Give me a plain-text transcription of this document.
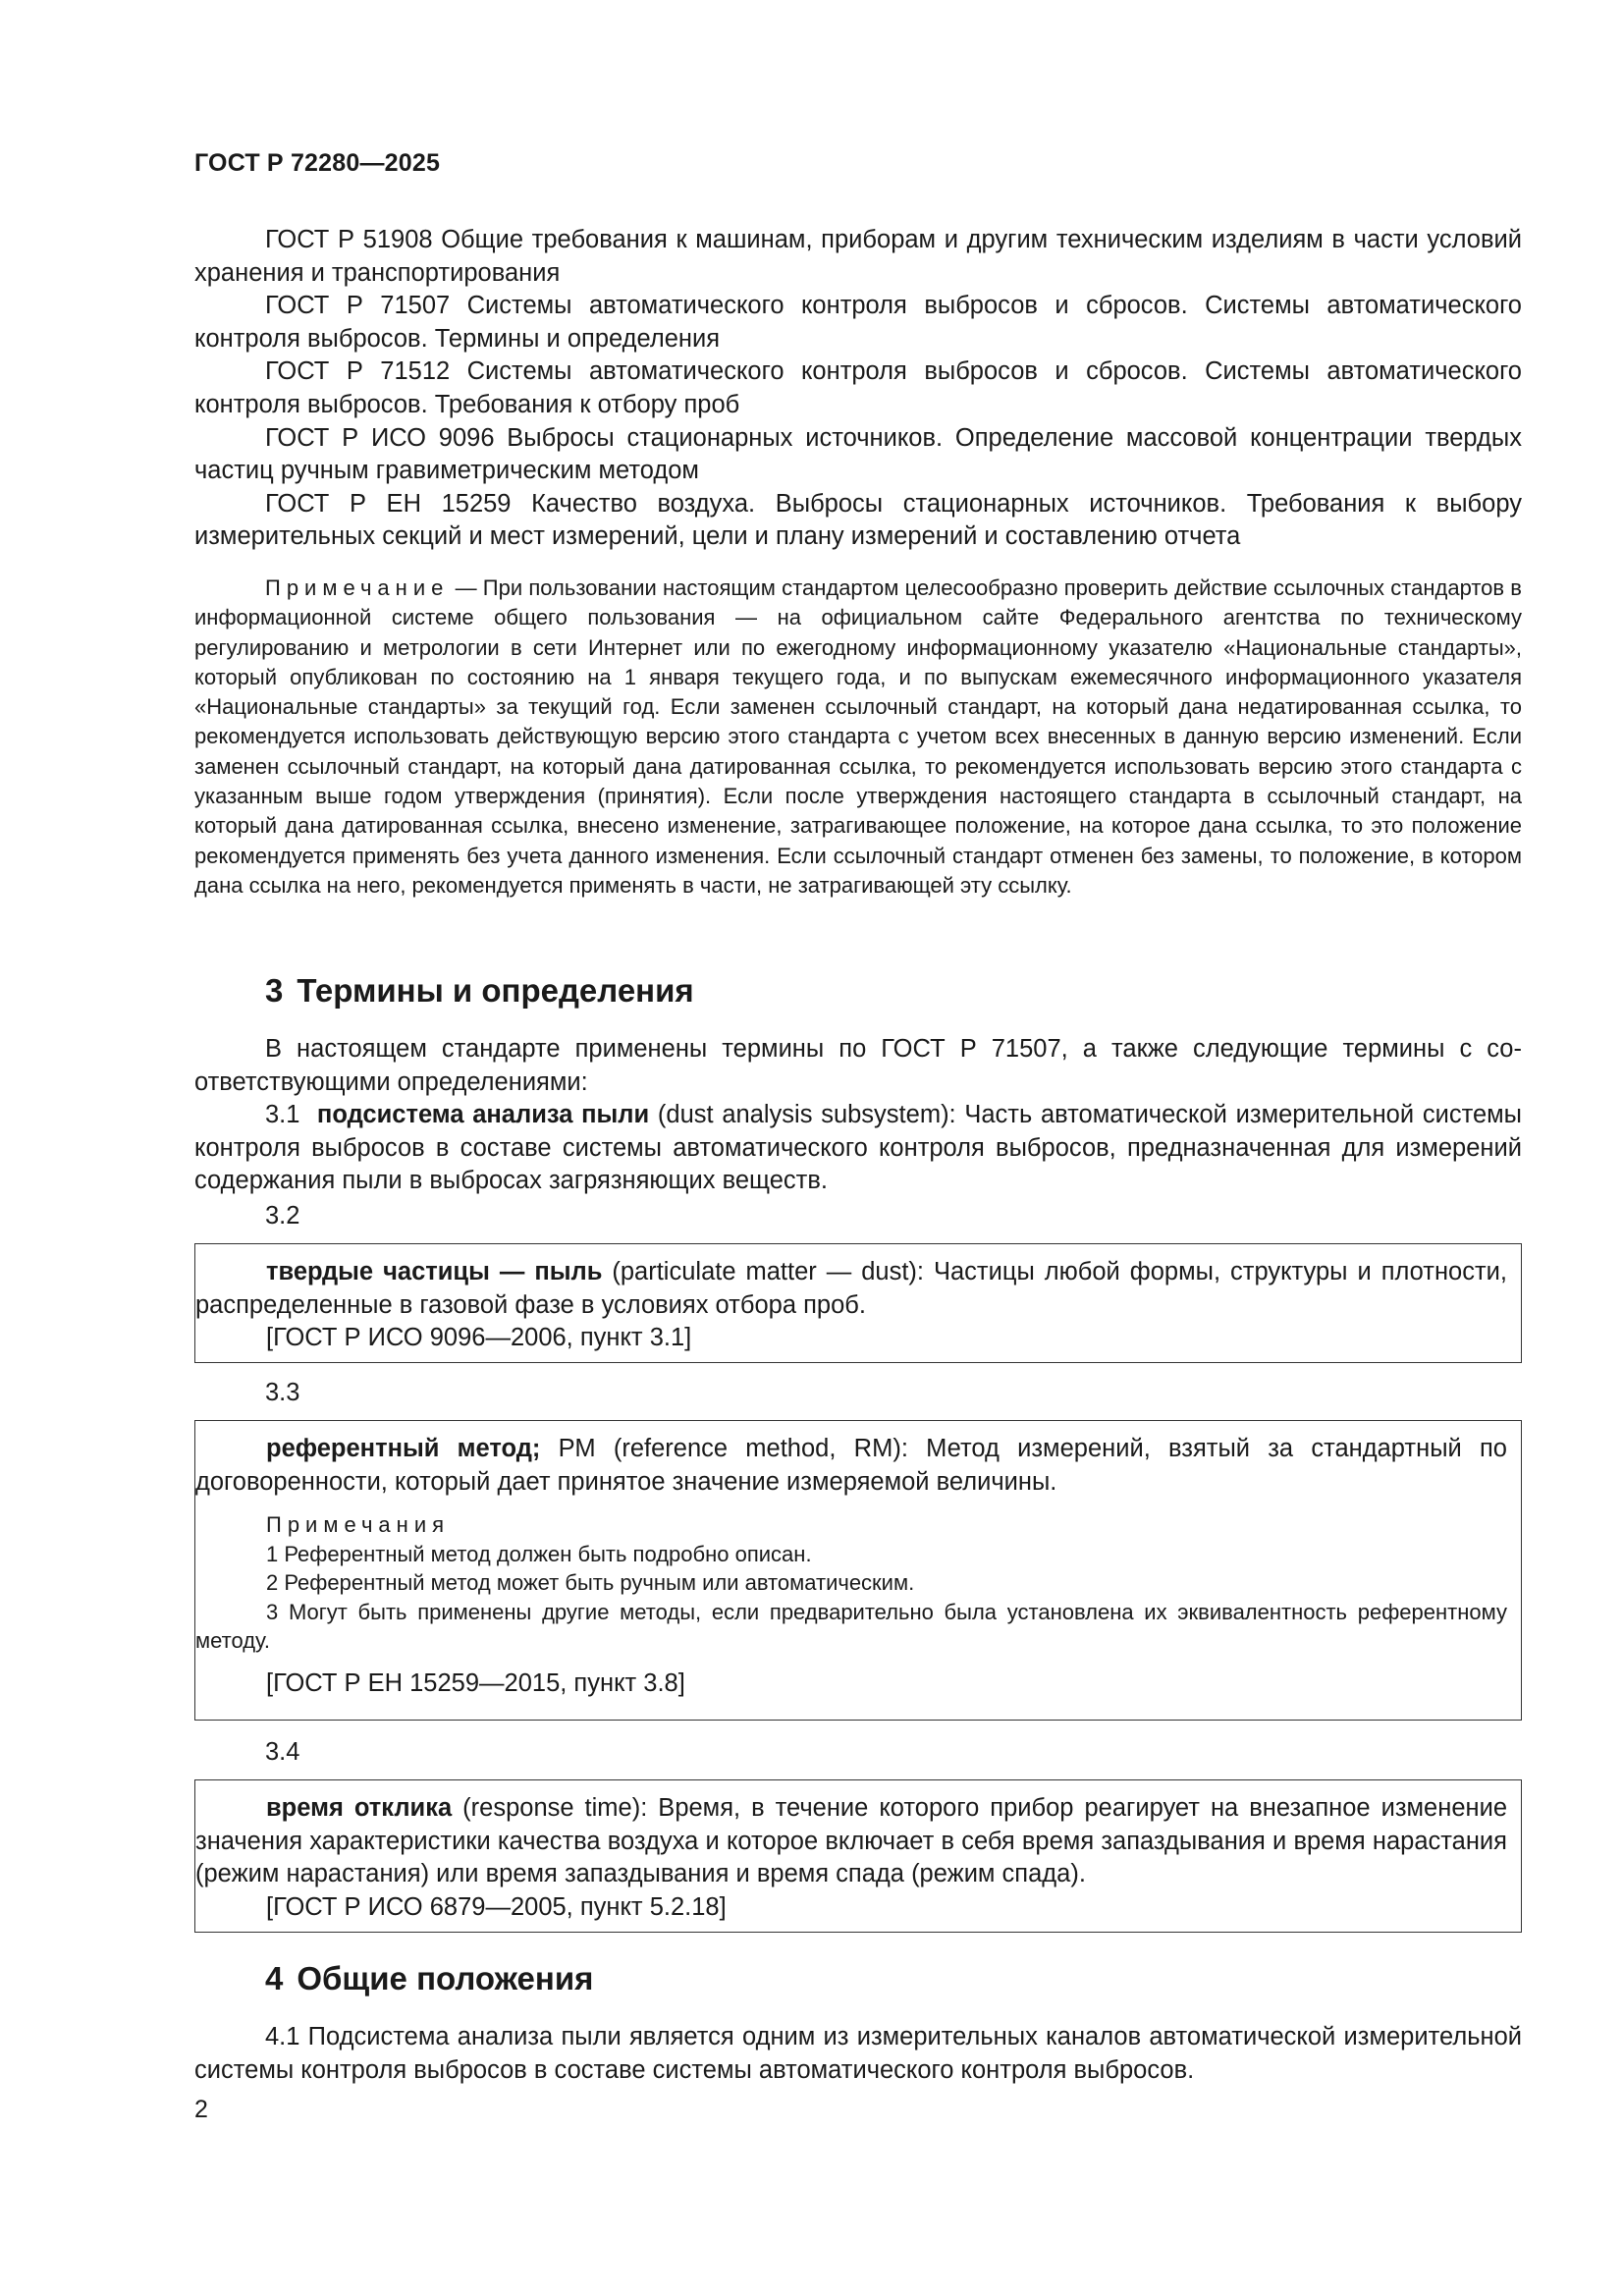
ГОСТ Р 72280—2025

ГОСТ Р 51908 Общие требования к машинам, приборам и другим техническим изделиям в части условий хранения и транспортирования

ГОСТ Р 71507 Системы автоматического контроля выбросов и сбросов. Системы автоматического контроля выбросов. Термины и определения

ГОСТ Р 71512 Системы автоматического контроля выбросов и сбросов. Системы автоматического контроля выбросов. Требования к отбору проб

ГОСТ Р ИСО 9096 Выбросы стационарных источников. Определение массовой концентрации твердых частиц ручным гравиметрическим методом

ГОСТ Р ЕН 15259 Качество воздуха. Выбросы стационарных источников. Требования к выбору измерительных секций и мест измерений, цели и плану измерений и составлению отчета

Примечание — При пользовании настоящим стандартом целесообразно проверить действие ссылочных стандартов в информационной системе общего пользования — на официальном сайте Федерального агентства по техническому регулированию и метрологии в сети Интернет или по ежегодному информационному указателю «Национальные стандарты», который опубликован по состоянию на 1 января текущего года, и по выпускам ежемесячного информационного указателя «Национальные стандарты» за текущий год. Если заменен ссылочный стандарт, на который дана недатированная ссылка, то рекомендуется использовать действующую версию этого стандарта с учетом всех внесенных в данную версию изменений. Если заменен ссылочный стандарт, на который дана датированная ссылка, то рекомендуется использовать версию этого стандарта с указанным выше годом утверждения (принятия). Если после утверждения настоящего стандарта в ссылочный стандарт, на который дана датированная ссылка, внесено изменение, затрагивающее положение, на которое дана ссылка, то это положение рекомендуется применять без учета данного изменения. Если ссылочный стандарт отменен без замены, то положение, в котором дана ссылка на него, рекомендуется применять в части, не затрагивающей эту ссылку.
3 Термины и определения

В настоящем стандарте применены термины по ГОСТ Р 71507, а также следующие термины с соответствующими определениями:

3.1 подсистема анализа пыли (dust analysis subsystem): Часть автоматической измерительной системы контроля выбросов в составе системы автоматического контроля выбросов, предназначенная для измерений содержания пыли в выбросах загрязняющих веществ.

3.2

твердые частицы — пыль (particulate matter — dust): Частицы любой формы, структуры и плотности, распределенные в газовой фазе в условиях отбора проб.

[ГОСТ Р ИСО 9096—2006, пункт 3.1]

3.3

референтный метод; РМ (reference method, RM): Метод измерений, взятый за стандартный по договоренности, который дает принятое значение измеряемой величины.

Примечания

1 Референтный метод должен быть подробно описан.

2 Референтный метод может быть ручным или автоматическим.

3 Могут быть применены другие методы, если предварительно была установлена их эквивалентность референтному методу.

[ГОСТ Р ЕН 15259—2015, пункт 3.8]

3.4

время отклика (response time): Время, в течение которого прибор реагирует на внезапное изменение значения характеристики качества воздуха и которое включает в себя время запаздывания и время нарастания (режим нарастания) или время запаздывания и время спада (режим спада).

[ГОСТ Р ИСО 6879—2005, пункт 5.2.18]

4 Общие положения

4.1 Подсистема анализа пыли является одним из измерительных каналов автоматической измерительной системы контроля выбросов в составе системы автоматического контроля выбросов.

2
